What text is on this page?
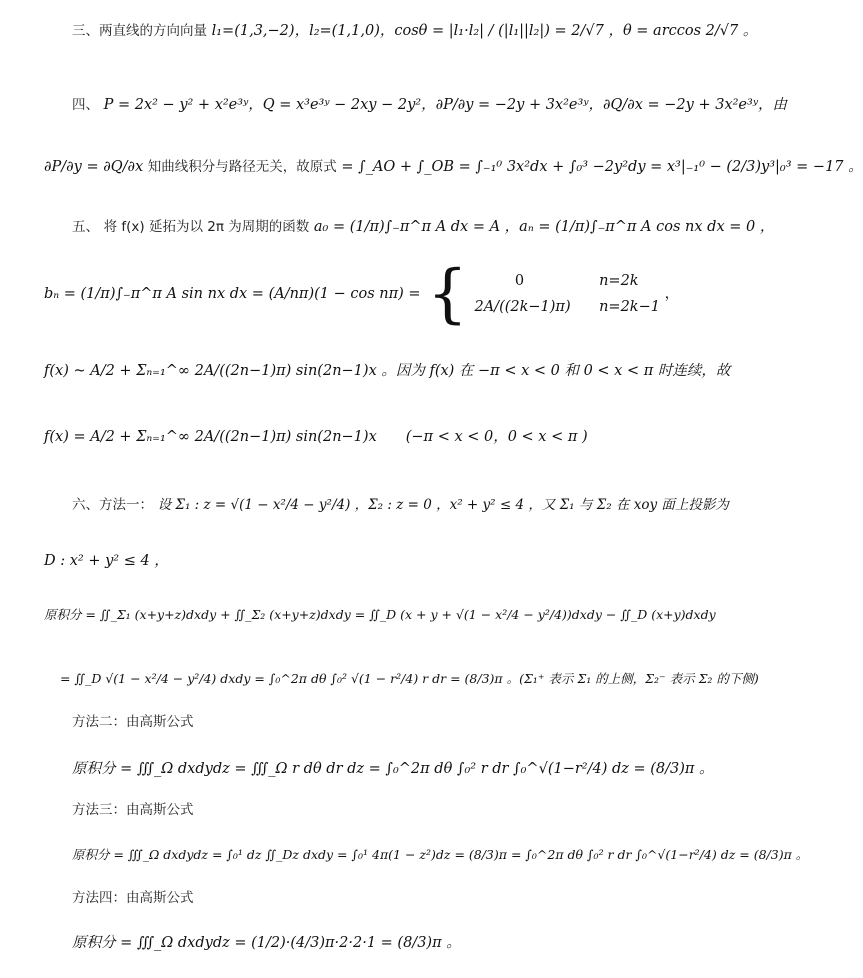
三、两直线的方向向量 l₁=(1,3,−2)，l₂=(1,1,0)，cosθ = |l₁·l₂| / (|l₁||l₂|) = 2/√7 ，θ = arccos 2/√7 。
四、 P = 2x² − y² + x²e³ʸ，Q = x³e³ʸ − 2xy − 2y²，∂P/∂y = −2y + 3x²e³ʸ，∂Q/∂x = −2y + 3x²e³ʸ，由
∂P/∂y = ∂Q/∂x 知曲线积分与路径无关，故原式 = ∫_AO + ∫_OB = ∫₋₁⁰ 3x²dx + ∫₀³ −2y²dy = x³|₋₁⁰ − (2/3)y³|₀³ = −17 。
五、 将 f(x) 延拓为以 2π 为周期的函数 a₀ = (1/π)∫₋π^π A dx = A ，aₙ = (1/π)∫₋π^π A cos nx dx = 0 ，
bₙ = (1/π)∫₋π^π A sin nx dx = (A/nπ)(1 − cos nπ) = {	0	n=2k
2A/((2k−1)π) n=2k−1
，
f(x) ~ A/2 + Σₙ₌₁^∞ 2A/((2n−1)π) sin(2n−1)x 。因为 f(x) 在 −π < x < 0 和 0 < x < π 时连续，故
f(x) = A/2 + Σₙ₌₁^∞ 2A/((2n−1)π) sin(2n−1)x　　(−π < x < 0，0 < x < π )
六、方法一： 设 Σ₁ : z = √(1 − x²/4 − y²/4) ，Σ₂ : z = 0 ，x² + y² ≤ 4 ，又 Σ₁ 与 Σ₂ 在 xoy 面上投影为
D : x² + y² ≤ 4 ，
原积分 = ∬_Σ₁ (x+y+z)dxdy + ∬_Σ₂ (x+y+z)dxdy = ∬_D (x + y + √(1 − x²/4 − y²/4))dxdy − ∬_D (x+y)dxdy
= ∬_D √(1 − x²/4 − y²/4) dxdy = ∫₀^2π dθ ∫₀² √(1 − r²/4) r dr = (8/3)π 。(Σ₁⁺ 表示 Σ₁ 的上侧，Σ₂⁻ 表示 Σ₂ 的下侧)
方法二：由高斯公式
原积分 = ∭_Ω dxdydz = ∭_Ω r dθ dr dz = ∫₀^2π dθ ∫₀² r dr ∫₀^√(1−r²/4) dz = (8/3)π 。
方法三：由高斯公式
原积分 = ∭_Ω dxdydz = ∫₀¹ dz ∬_Dz dxdy = ∫₀¹ 4π(1 − z²)dz = (8/3)π = ∫₀^2π dθ ∫₀² r dr ∫₀^√(1−r²/4) dz = (8/3)π 。
方法四：由高斯公式
原积分 = ∭_Ω dxdydz = (1/2)·(4/3)π·2·2·1 = (8/3)π 。
